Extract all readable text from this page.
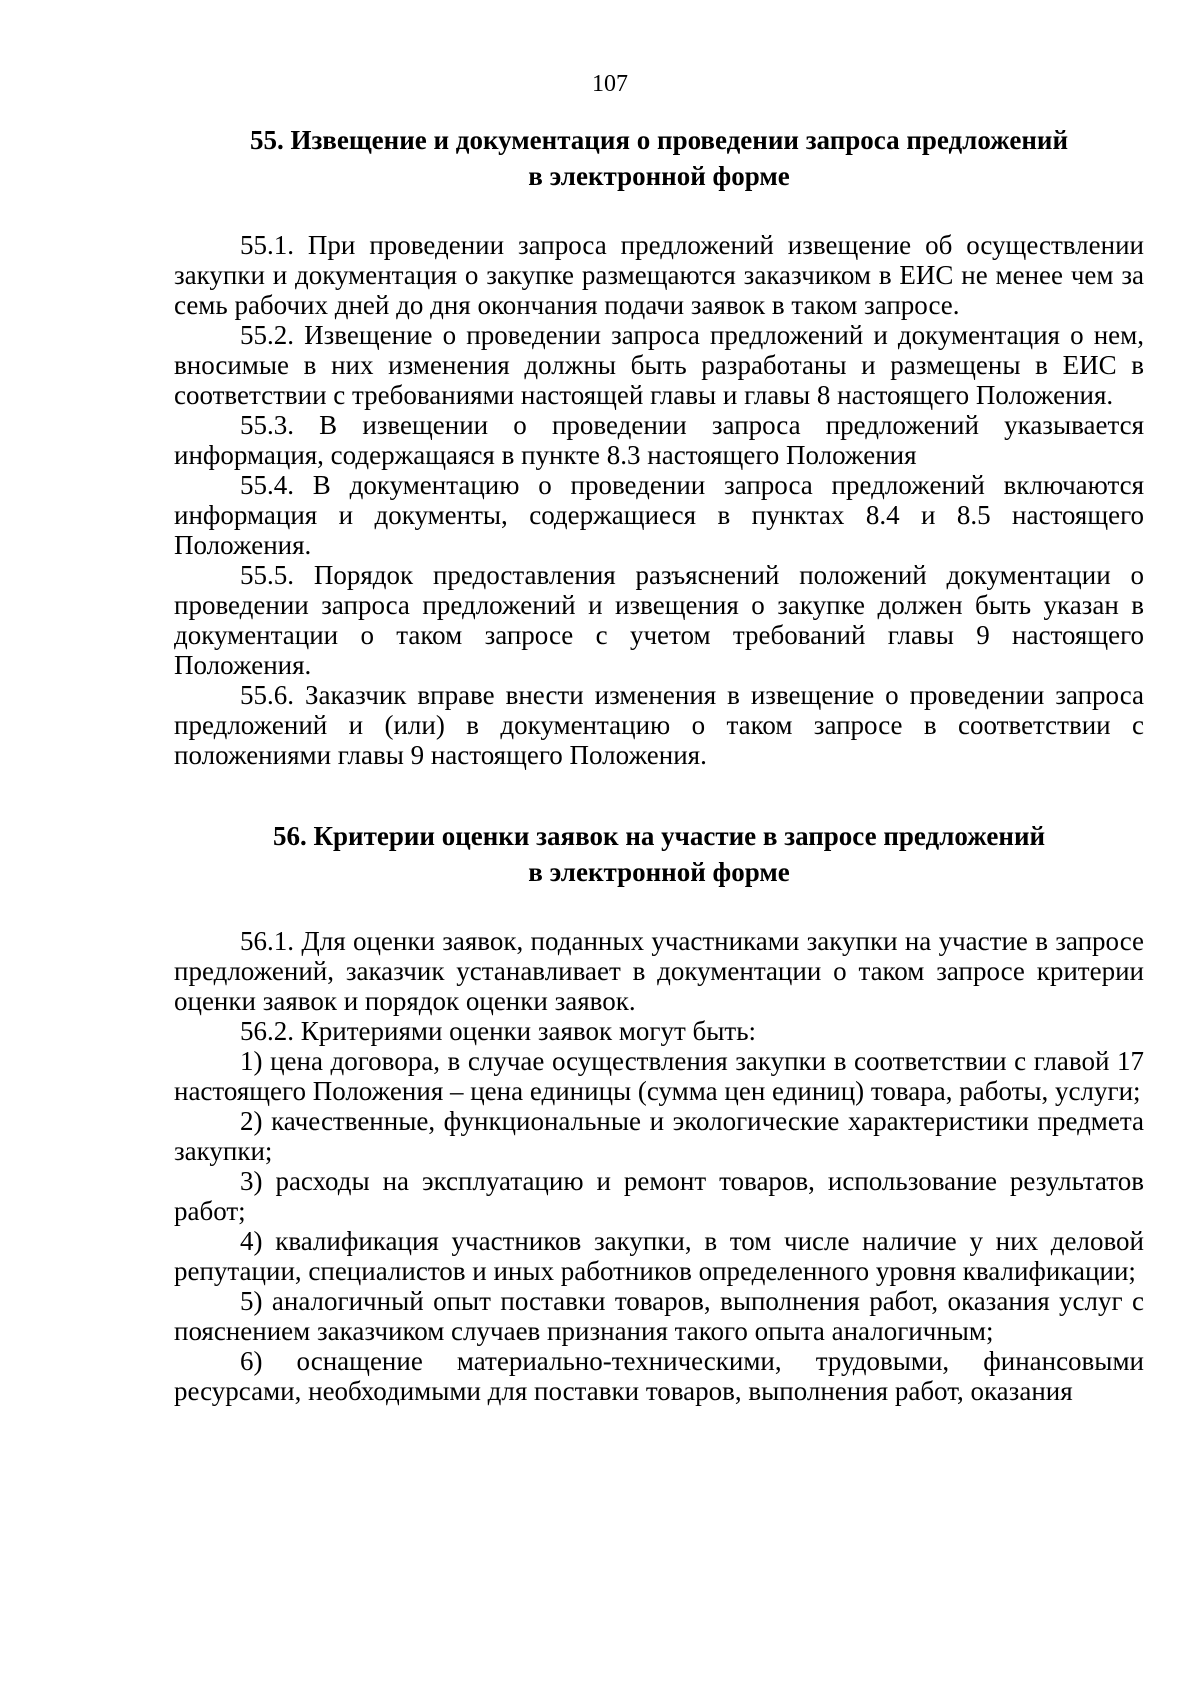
107
55. Извещение и документация о проведении запроса предложений
в электронной форме

55.1. При проведении запроса предложений извещение об осуществлении закупки и документация о закупке размещаются заказчиком в ЕИС не менее чем за семь рабочих дней до дня окончания подачи заявок в таком запросе.

55.2. Извещение о проведении запроса предложений и документация о нем, вносимые в них изменения должны быть разработаны и размещены в ЕИС в соответствии с требованиями настоящей главы и главы 8 настоящего Положения.

55.3. В извещении о проведении запроса предложений указывается информация, содержащаяся в пункте 8.3 настоящего Положения

55.4. В документацию о проведении запроса предложений включаются информация и документы, содержащиеся в пунктах 8.4 и 8.5 настоящего Положения.

55.5. Порядок предоставления разъяснений положений документации о проведении запроса предложений и извещения о закупке должен быть указан в документации о таком запросе с учетом требований главы 9 настоящего Положения.

55.6. Заказчик вправе внести изменения в извещение о проведении запроса предложений и (или) в документацию о таком запросе в соответствии с положениями главы 9 настоящего Положения.

56. Критерии оценки заявок на участие в запросе предложений
в электронной форме

56.1. Для оценки заявок, поданных участниками закупки на участие в запросе предложений, заказчик устанавливает в документации о таком запросе критерии оценки заявок и порядок оценки заявок.

56.2. Критериями оценки заявок могут быть:

1) цена договора, в случае осуществления закупки в соответствии с главой 17 настоящего Положения – цена единицы (сумма цен единиц) товара, работы, услуги;

2) качественные, функциональные и экологические характеристики предмета закупки;

3) расходы на эксплуатацию и ремонт товаров, использование результатов работ;

4) квалификация участников закупки, в том числе наличие у них деловой репутации, специалистов и иных работников определенного уровня квалификации;

5) аналогичный опыт поставки товаров, выполнения работ, оказания услуг с пояснением заказчиком случаев признания такого опыта аналогичным;

6) оснащение материально-техническими, трудовыми, финансовыми ресурсами, необходимыми для поставки товаров, выполнения работ, оказания
